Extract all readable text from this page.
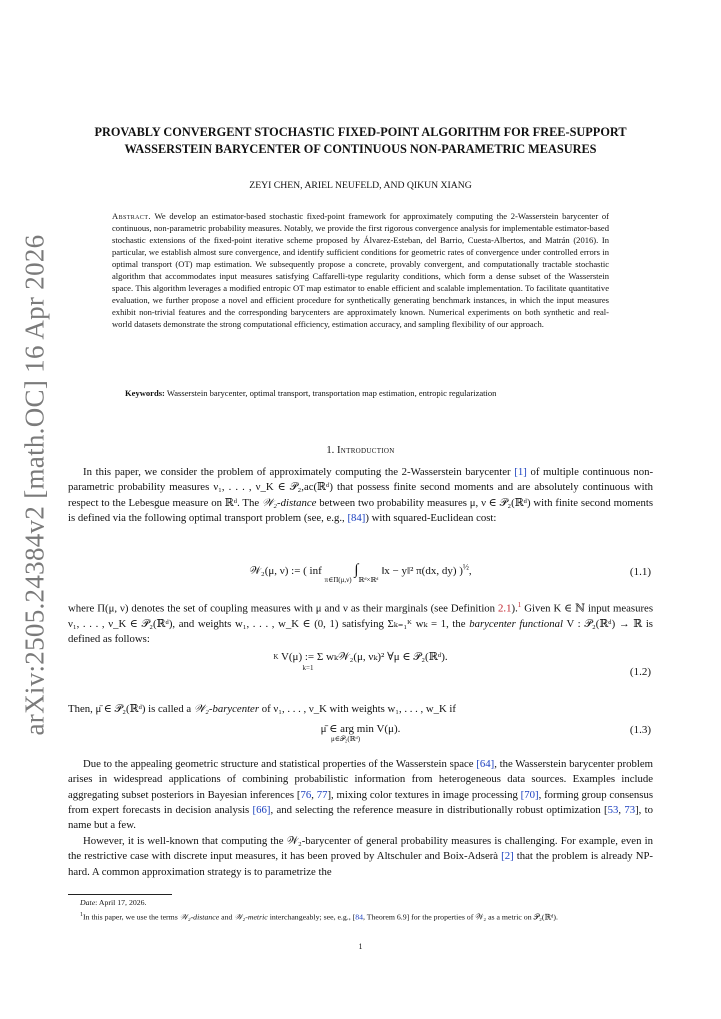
arXiv:2505.24384v2 [math.OC] 16 Apr 2026
PROVABLY CONVERGENT STOCHASTIC FIXED-POINT ALGORITHM FOR FREE-SUPPORT
WASSERSTEIN BARYCENTER OF CONTINUOUS NON-PARAMETRIC MEASURES
ZEYI CHEN, ARIEL NEUFELD, AND QIKUN XIANG
Abstract. We develop an estimator-based stochastic fixed-point framework for approximately computing the 2-Wasserstein barycenter of continuous, non-parametric probability measures. Notably, we provide the first rigorous convergence analysis for implementable estimator-based stochastic extensions of the fixed-point iterative scheme proposed by Álvarez-Esteban, del Barrio, Cuesta-Albertos, and Matrán (2016). In particular, we establish almost sure convergence, and identify sufficient conditions for geometric rates of convergence under controlled errors in optimal transport (OT) map estimation. We subsequently propose a concrete, provably convergent, and computationally tractable stochastic algorithm that accommodates input measures satisfying Caffarelli-type regularity conditions, which form a dense subset of the Wasserstein space. This algorithm leverages a modified entropic OT map estimator to enable efficient and scalable implementation. To facilitate quantitative evaluation, we further propose a novel and efficient procedure for synthetically generating benchmark instances, in which the input measures exhibit non-trivial features and the corresponding barycenters are approximately known. Numerical experiments on both synthetic and real-world datasets demonstrate the strong computational efficiency, estimation accuracy, and sampling flexibility of our approach.
Keywords: Wasserstein barycenter, optimal transport, transportation map estimation, entropic regularization
1. Introduction
In this paper, we consider the problem of approximately computing the 2-Wasserstein barycenter [1] of multiple continuous non-parametric probability measures ν₁, . . . , ν_K ∈ 𝒫₂,ac(ℝᵈ) that possess finite second moments and are absolutely continuous with respect to the Lebesgue measure on ℝᵈ. The 𝒲₂-distance between two probability measures μ, ν ∈ 𝒫₂(ℝᵈ) with finite second moments is defined via the following optimal transport problem (see, e.g., [84]) with squared-Euclidean cost:
𝒲₂(μ, ν) := ( inf $_{\pi\in\Pi(\mu,\nu)}$ $\int_{ℝᵈ\times ℝᵈ}$ ‖x − y‖² π(dx, dy) )$^{\frac{1}{2}}$,	(1.1)
where Π(μ, ν) denotes the set of coupling measures with μ and ν as their marginals (see Definition 2.1).$^1$ Given K ∈ ℕ input measures ν₁, . . . , ν_K ∈ 𝒫₂(ℝᵈ), and weights w₁, . . . , w_K ∈ (0, 1) satisfying Σₖ₌₁ᴷ wₖ = 1, the barycenter functional V : 𝒫₂(ℝᵈ) → ℝ is defined as follows:
K V(μ) := Σ wₖ𝒲₂(μ, νₖ)² ∀μ ∈ 𝒫₂(ℝᵈ).
k=1	(1.2)
Then, μ̄ ∈ 𝒫₂(ℝᵈ) is called a 𝒲₂-barycenter of ν₁, . . . , ν_K with weights w₁, . . . , w_K if
μ̄ ∈ arg min V(μ).
μ∈𝒫₂(ℝᵈ)
(1.3)
Due to the appealing geometric structure and statistical properties of the Wasserstein space [64], the Wasserstein barycenter problem arises in widespread applications of combining probabilistic information from heterogeneous data sources. Examples include aggregating subset posteriors in Bayesian inferences [76, 77], mixing color textures in image processing [70], forming group consensus from expert forecasts in decision analysis [66], and selecting the reference measure in distributionally robust optimization [53, 73], to name but a few.
However, it is well-known that computing the 𝒲₂-barycenter of general probability measures is challenging. For example, even in the restrictive case with discrete input measures, it has been proved by Altschuler and Boix-Adserà [2] that the problem is already NP-hard. A common approximation strategy is to parametrize the
Date: April 17, 2026.
$^1$In this paper, we use the terms 𝒲₂-distance and 𝒲₂-metric interchangeably; see, e.g., [84, Theorem 6.9] for the properties of 𝒲₂ as a metric on 𝒫₂(ℝᵈ).
1
